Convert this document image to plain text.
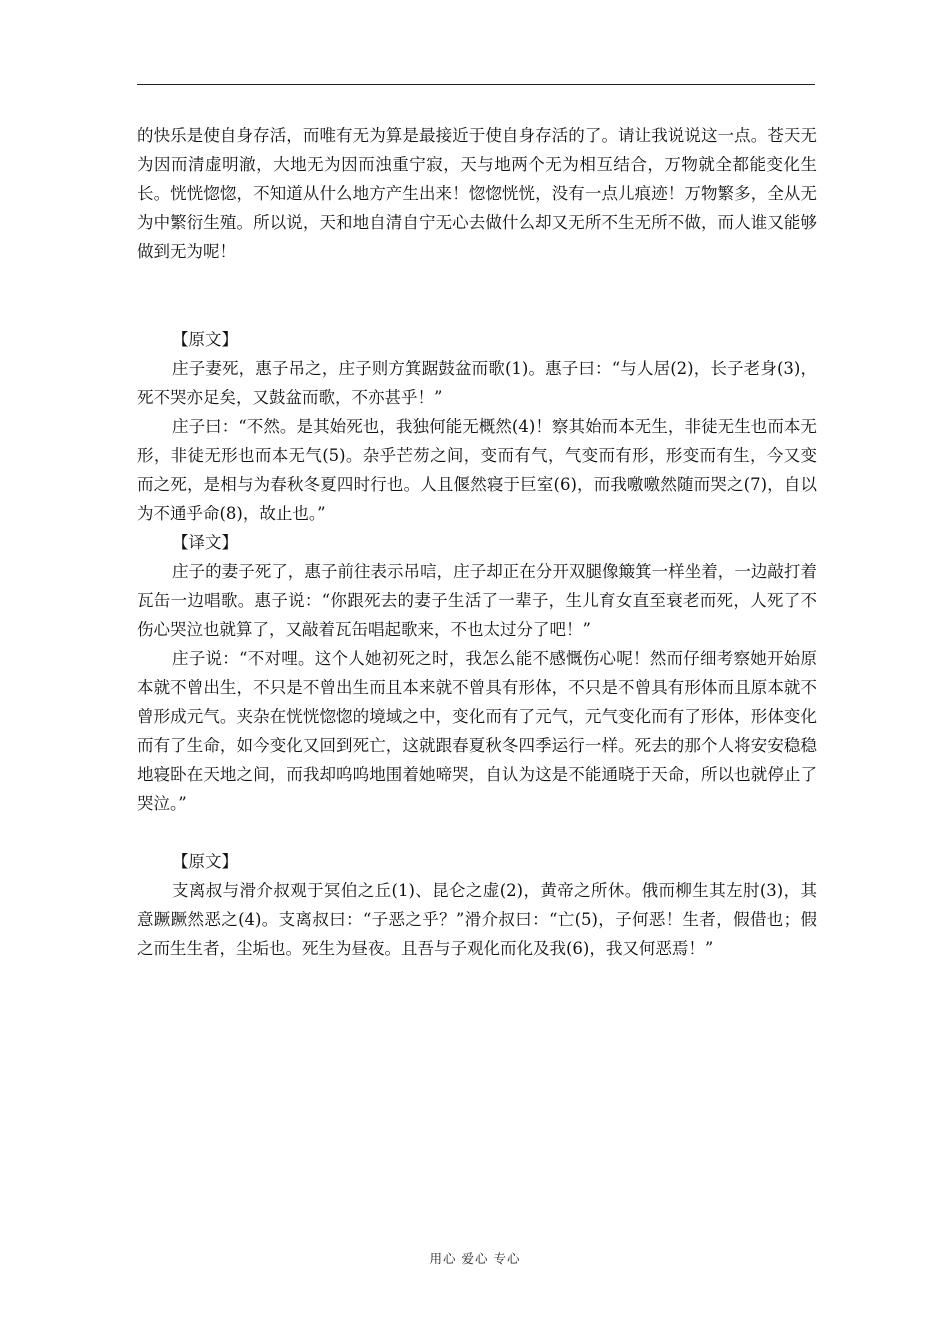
的快乐是使自身存活，而唯有无为算是最接近于使自身存活的了。请让我说说这一点。苍天无为因而清虚明澈，大地无为因而浊重宁寂，天与地两个无为相互结合，万物就全都能变化生长。恍恍惚惚，不知道从什么地方产生出来！惚惚恍恍，没有一点儿痕迹！万物繁多，全从无为中繁衍生殖。所以说，天和地自清自宁无心去做什么却又无所不生无所不做，而人谁又能够做到无为呢！

【原文】

庄子妻死，惠子吊之，庄子则方箕踞鼓盆而歌(1)。惠子曰：“与人居(2)，长子老身(3)，死不哭亦足矣，又鼓盆而歌，不亦甚乎！”

庄子曰：“不然。是其始死也，我独何能无概然(4)！察其始而本无生，非徒无生也而本无形，非徒无形也而本无气(5)。杂乎芒芴之间，变而有气，气变而有形，形变而有生，今又变而之死，是相与为春秋冬夏四时行也。人且偃然寝于巨室(6)，而我噭噭然随而哭之(7)，自以为不通乎命(8)，故止也。”

【译文】

庄子的妻子死了，惠子前往表示吊唁，庄子却正在分开双腿像簸箕一样坐着，一边敲打着瓦缶一边唱歌。惠子说：“你跟死去的妻子生活了一辈子，生儿育女直至衰老而死，人死了不伤心哭泣也就算了，又敲着瓦缶唱起歌来，不也太过分了吧！”

庄子说：“不对哩。这个人她初死之时，我怎么能不感慨伤心呢！然而仔细考察她开始原本就不曾出生，不只是不曾出生而且本来就不曾具有形体，不只是不曾具有形体而且原本就不曾形成元气。夹杂在恍恍惚惚的境域之中，变化而有了元气，元气变化而有了形体，形体变化而有了生命，如今变化又回到死亡，这就跟春夏秋冬四季运行一样。死去的那个人将安安稳稳地寝卧在天地之间，而我却呜呜地围着她啼哭，自认为这是不能通晓于天命，所以也就停止了哭泣。”

【原文】

支离叔与滑介叔观于冥伯之丘(1)、昆仑之虚(2)，黄帝之所休。俄而柳生其左肘(3)，其意蹶蹶然恶之(4)。支离叔曰：“子恶之乎？”滑介叔曰：“亡(5)，子何恶！生者，假借也；假之而生生者，尘垢也。死生为昼夜。且吾与子观化而化及我(6)，我又何恶焉！”

用心 爱心 专心
